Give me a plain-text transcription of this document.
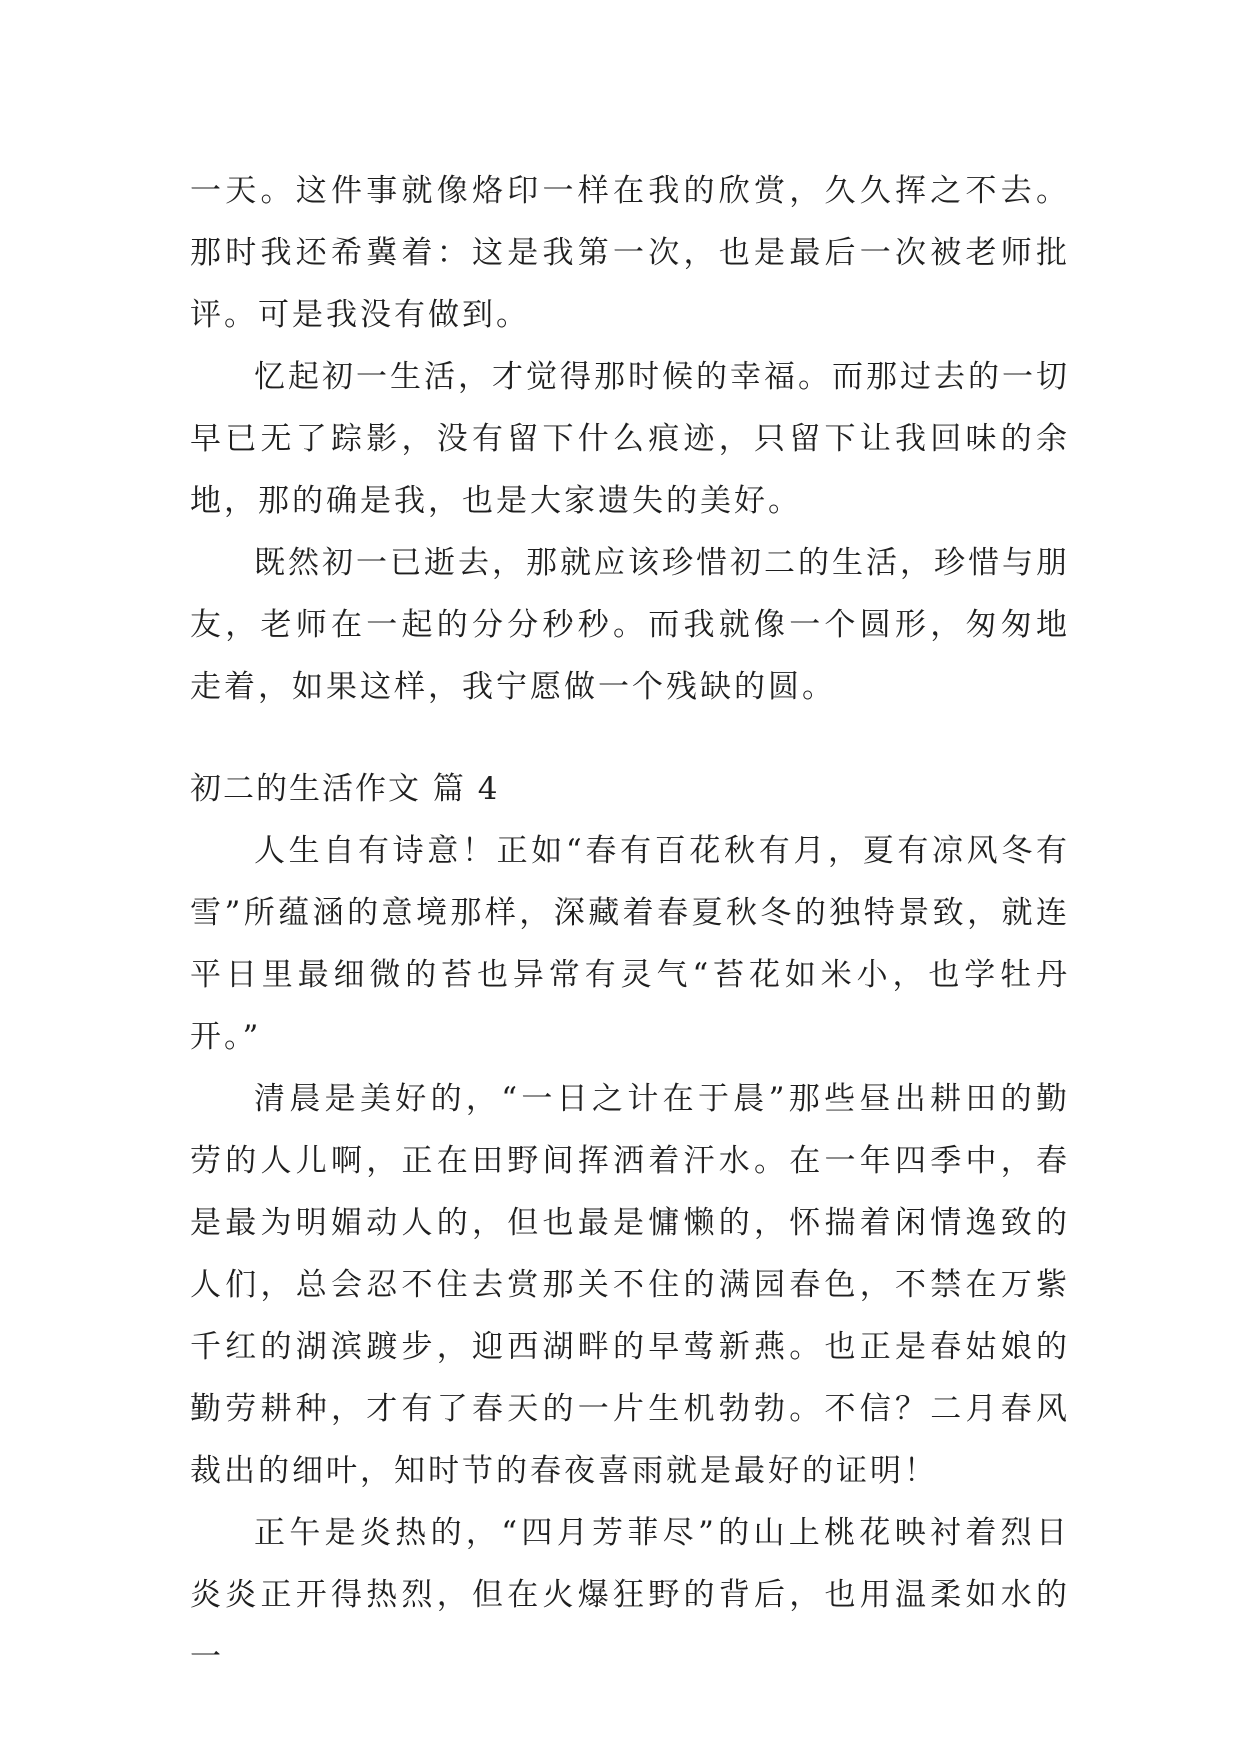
一天。这件事就像烙印一样在我的欣赏，久久挥之不去。那时我还希冀着：这是我第一次，也是最后一次被老师批评。可是我没有做到。

忆起初一生活，才觉得那时候的幸福。而那过去的一切早已无了踪影，没有留下什么痕迹，只留下让我回味的余地，那的确是我，也是大家遗失的美好。

既然初一已逝去，那就应该珍惜初二的生活，珍惜与朋友，老师在一起的分分秒秒。而我就像一个圆形，匆匆地走着，如果这样，我宁愿做一个残缺的圆。

初二的生活作文 篇 4

人生自有诗意！正如“春有百花秋有月，夏有凉风冬有雪”所蕴涵的意境那样，深藏着春夏秋冬的独特景致，就连平日里最细微的苔也异常有灵气“苔花如米小，也学牡丹开。”

清晨是美好的，“一日之计在于晨”那些昼出耕田的勤劳的人儿啊，正在田野间挥洒着汗水。在一年四季中，春是最为明媚动人的，但也最是慵懒的，怀揣着闲情逸致的人们，总会忍不住去赏那关不住的满园春色，不禁在万紫千红的湖滨踱步，迎西湖畔的早莺新燕。也正是春姑娘的勤劳耕种，才有了春天的一片生机勃勃。不信？二月春风裁出的细叶，知时节的春夜喜雨就是最好的证明！

正午是炎热的，“四月芳菲尽”的山上桃花映衬着烈日炎炎正开得热烈，但在火爆狂野的背后，也用温柔如水的一
